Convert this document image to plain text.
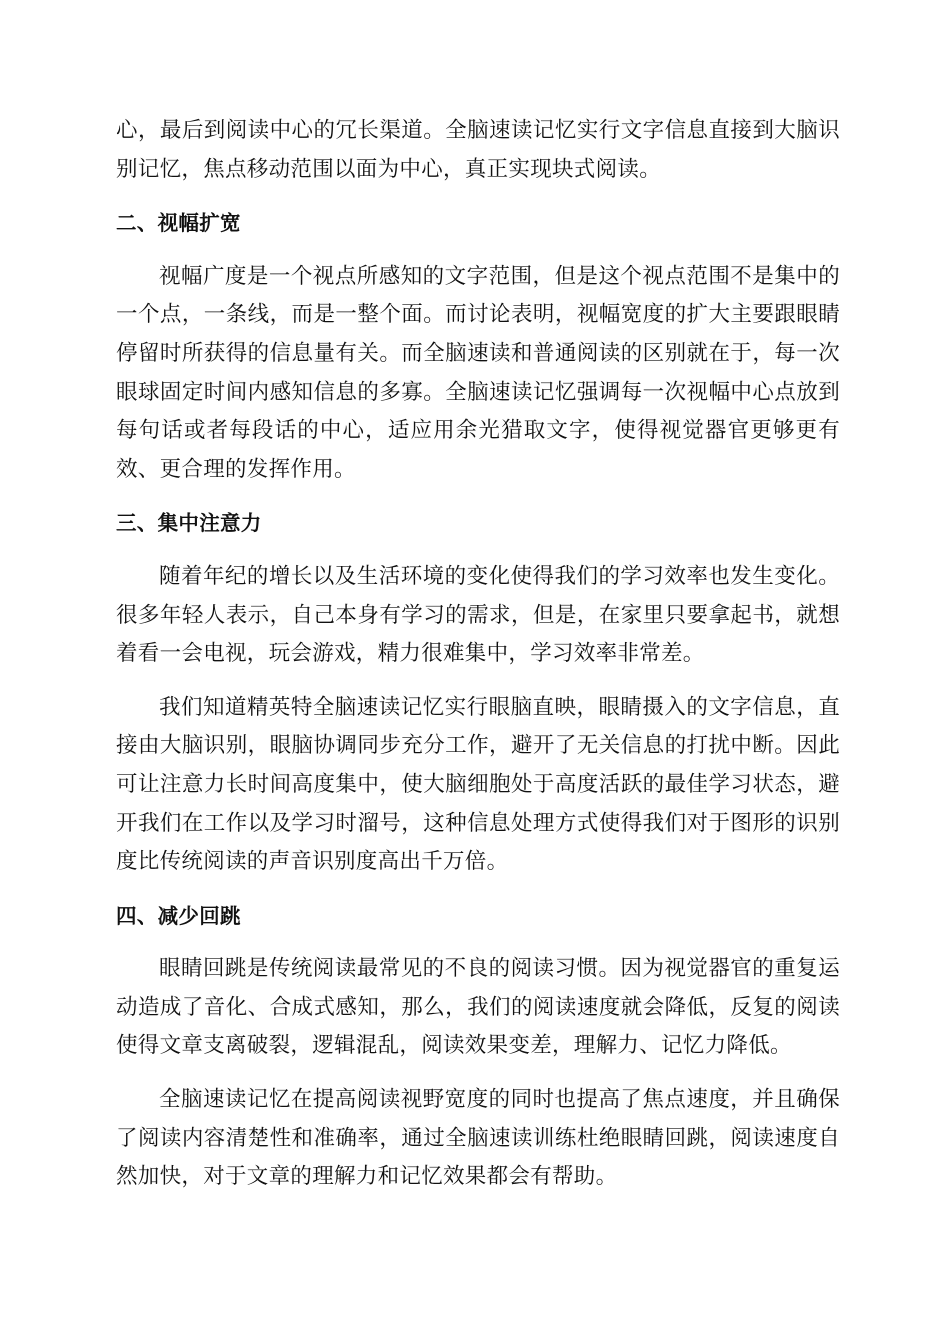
心，最后到阅读中心的冗长渠道。全脑速读记忆实行文字信息直接到大脑识别记忆，焦点移动范围以面为中心，真正实现块式阅读。

二、视幅扩宽

视幅广度是一个视点所感知的文字范围，但是这个视点范围不是集中的一个点，一条线，而是一整个面。而讨论表明，视幅宽度的扩大主要跟眼睛停留时所获得的信息量有关。而全脑速读和普通阅读的区别就在于，每一次眼球固定时间内感知信息的多寡。全脑速读记忆强调每一次视幅中心点放到每句话或者每段话的中心，适应用余光猎取文字，使得视觉器官更够更有效、更合理的发挥作用。

三、集中注意力

随着年纪的增长以及生活环境的变化使得我们的学习效率也发生变化。很多年轻人表示，自己本身有学习的需求，但是，在家里只要拿起书，就想着看一会电视，玩会游戏，精力很难集中，学习效率非常差。

我们知道精英特全脑速读记忆实行眼脑直映，眼睛摄入的文字信息，直接由大脑识别，眼脑协调同步充分工作，避开了无关信息的打扰中断。因此可让注意力长时间高度集中，使大脑细胞处于高度活跃的最佳学习状态，避开我们在工作以及学习时溜号，这种信息处理方式使得我们对于图形的识别度比传统阅读的声音识别度高出千万倍。

四、减少回跳

眼睛回跳是传统阅读最常见的不良的阅读习惯。因为视觉器官的重复运动造成了音化、合成式感知，那么，我们的阅读速度就会降低，反复的阅读使得文章支离破裂，逻辑混乱，阅读效果变差，理解力、记忆力降低。

全脑速读记忆在提高阅读视野宽度的同时也提高了焦点速度，并且确保了阅读内容清楚性和准确率，通过全脑速读训练杜绝眼睛回跳，阅读速度自然加快，对于文章的理解力和记忆效果都会有帮助。
